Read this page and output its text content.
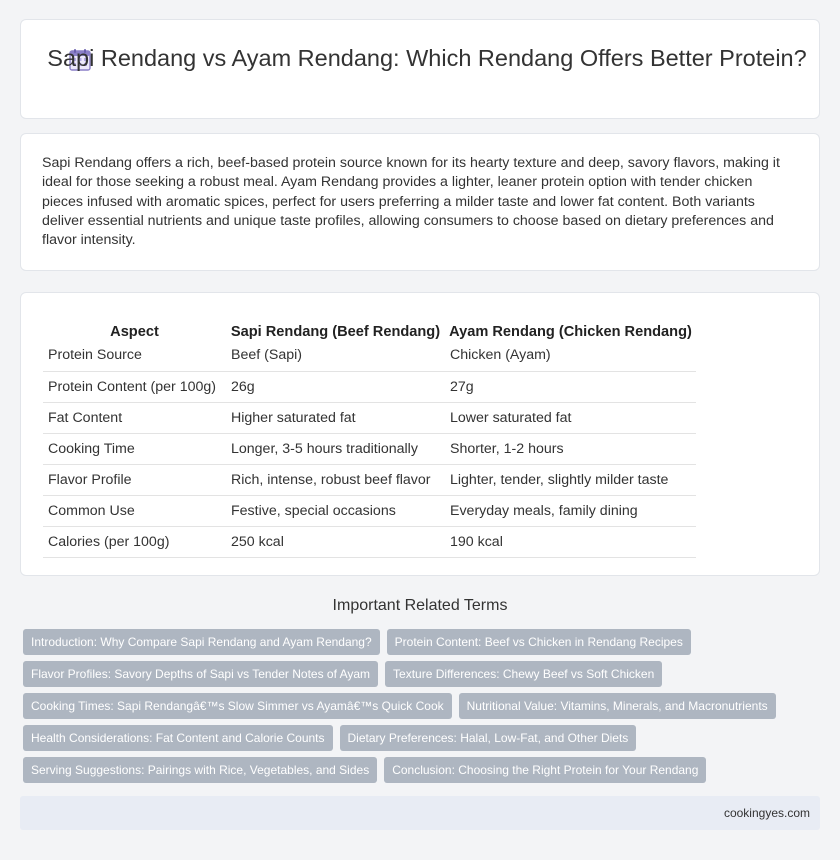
Sapi Rendang vs Ayam Rendang: Which Rendang Offers Better Protein?

Sapi Rendang offers a rich, beef-based protein source known for its hearty texture and deep, savory flavors, making it ideal for those seeking a robust meal. Ayam Rendang provides a lighter, leaner protein option with tender chicken pieces infused with aromatic spices, perfect for users preferring a milder taste and lower fat content. Both variants deliver essential nutrients and unique taste profiles, allowing consumers to choose based on dietary preferences and flavor intensity.

Aspect	Sapi Rendang (Beef Rendang)	Ayam Rendang (Chicken Rendang)
Protein Source	Beef (Sapi)	Chicken (Ayam)
Protein Content (per 100g)	26g	27g
Fat Content	Higher saturated fat	Lower saturated fat
Cooking Time	Longer, 3-5 hours traditionally	Shorter, 1-2 hours
Flavor Profile	Rich, intense, robust beef flavor	Lighter, tender, slightly milder taste
Common Use	Festive, special occasions	Everyday meals, family dining
Calories (per 100g)	250 kcal	190 kcal
Important Related Terms
Introduction: Why Compare Sapi Rendang and Ayam Rendang?	Protein Content: Beef vs Chicken in Rendang Recipes
Flavor Profiles: Savory Depths of Sapi vs Tender Notes of Ayam	Texture Differences: Chewy Beef vs Soft Chicken
Cooking Times: Sapi Rendangâ€™s Slow Simmer vs Ayamâ€™s Quick Cook	Nutritional Value: Vitamins, Minerals, and Macronutrients
Health Considerations: Fat Content and Calorie Counts	Dietary Preferences: Halal, Low-Fat, and Other Diets
Serving Suggestions: Pairings with Rice, Vegetables, and Sides	Conclusion: Choosing the Right Protein for Your Rendang
cookingyes.com
